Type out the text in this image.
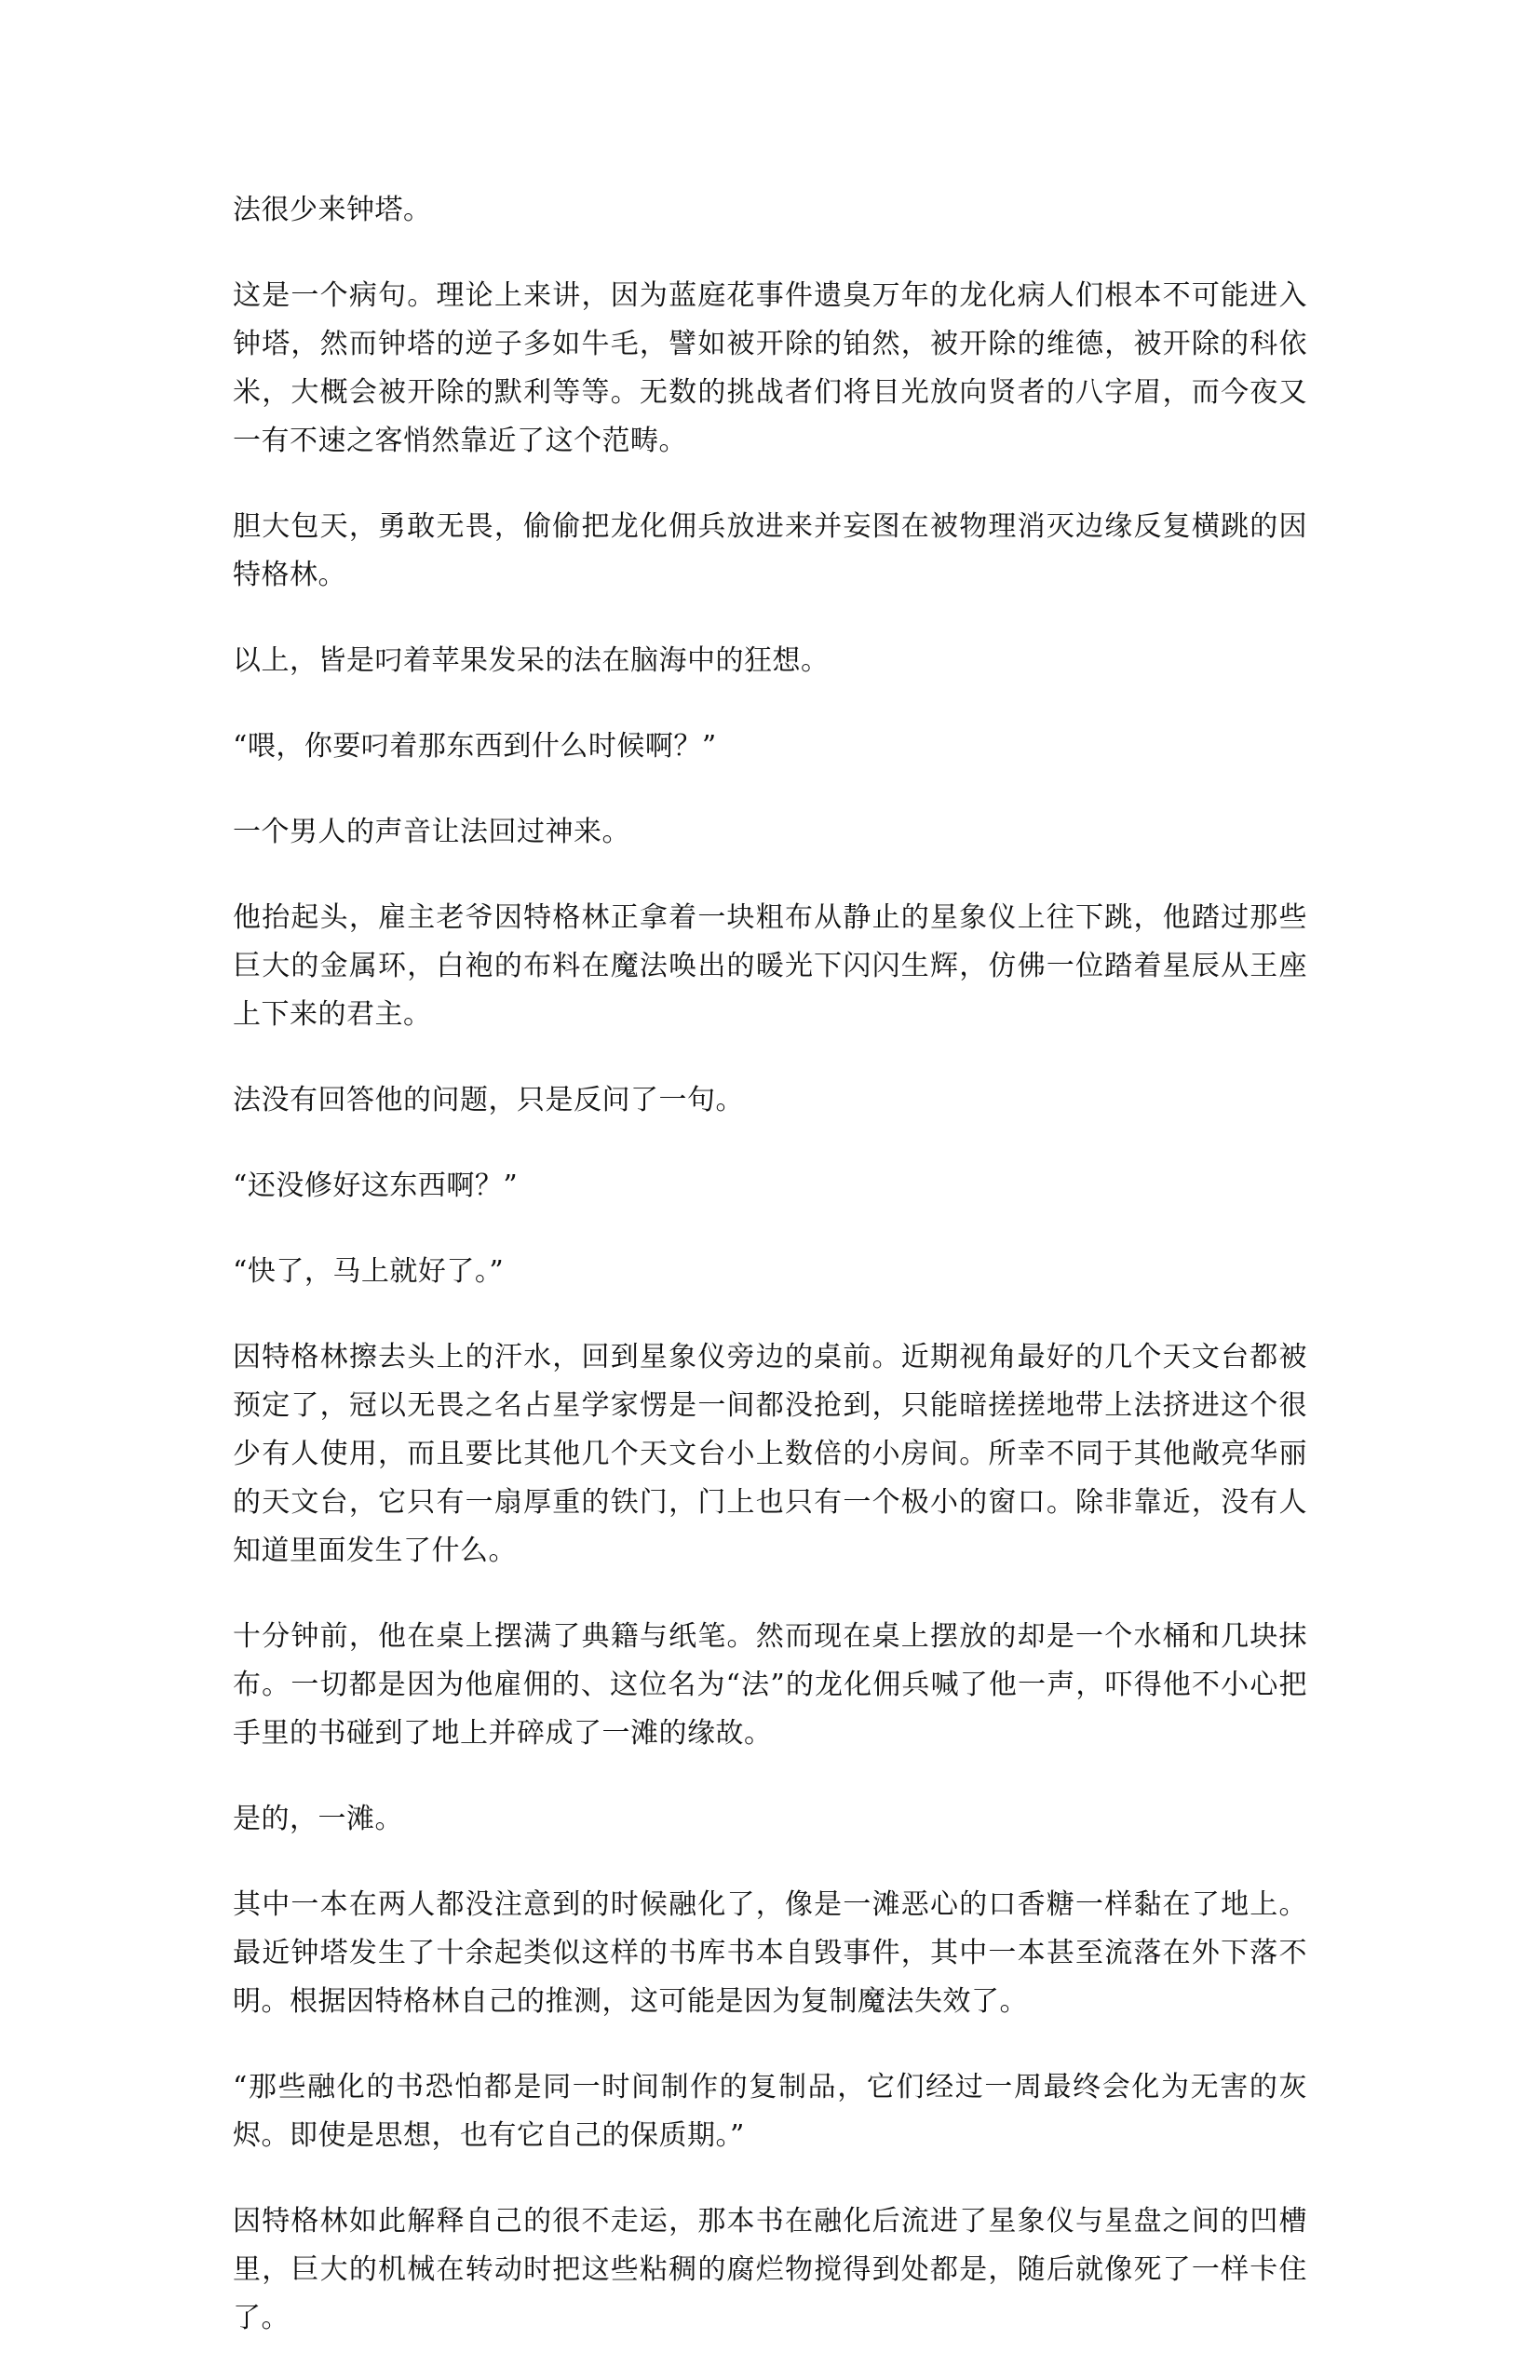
法很少来钟塔。

这是一个病句。理论上来讲，因为蓝庭花事件遗臭万年的龙化病人们根本不可能进入钟塔，然而钟塔的逆子多如牛毛，譬如被开除的铂然，被开除的维德，被开除的科依米，大概会被开除的默利等等。无数的挑战者们将目光放向贤者的八字眉，而今夜又一有不速之客悄然靠近了这个范畴。

胆大包天，勇敢无畏，偷偷把龙化佣兵放进来并妄图在被物理消灭边缘反复横跳的因特格林。

以上，皆是叼着苹果发呆的法在脑海中的狂想。

“喂，你要叼着那东西到什么时候啊？”

一个男人的声音让法回过神来。

他抬起头，雇主老爷因特格林正拿着一块粗布从静止的星象仪上往下跳，他踏过那些巨大的金属环，白袍的布料在魔法唤出的暖光下闪闪生辉，仿佛一位踏着星辰从王座上下来的君主。

法没有回答他的问题，只是反问了一句。

“还没修好这东西啊？”

“快了，马上就好了。”

因特格林擦去头上的汗水，回到星象仪旁边的桌前。近期视角最好的几个天文台都被预定了，冠以无畏之名占星学家愣是一间都没抢到，只能暗搓搓地带上法挤进这个很少有人使用，而且要比其他几个天文台小上数倍的小房间。所幸不同于其他敞亮华丽的天文台，它只有一扇厚重的铁门，门上也只有一个极小的窗口。除非靠近，没有人知道里面发生了什么。

十分钟前，他在桌上摆满了典籍与纸笔。然而现在桌上摆放的却是一个水桶和几块抹布。一切都是因为他雇佣的、这位名为“法”的龙化佣兵喊了他一声，吓得他不小心把手里的书碰到了地上并碎成了一滩的缘故。

是的，一滩。

其中一本在两人都没注意到的时候融化了，像是一滩恶心的口香糖一样黏在了地上。最近钟塔发生了十余起类似这样的书库书本自毁事件，其中一本甚至流落在外下落不明。根据因特格林自己的推测，这可能是因为复制魔法失效了。

“那些融化的书恐怕都是同一时间制作的复制品，它们经过一周最终会化为无害的灰烬。即使是思想，也有它自己的保质期。”

因特格林如此解释自己的很不走运，那本书在融化后流进了星象仪与星盘之间的凹槽里，巨大的机械在转动时把这些粘稠的腐烂物搅得到处都是，随后就像死了一样卡住了。
